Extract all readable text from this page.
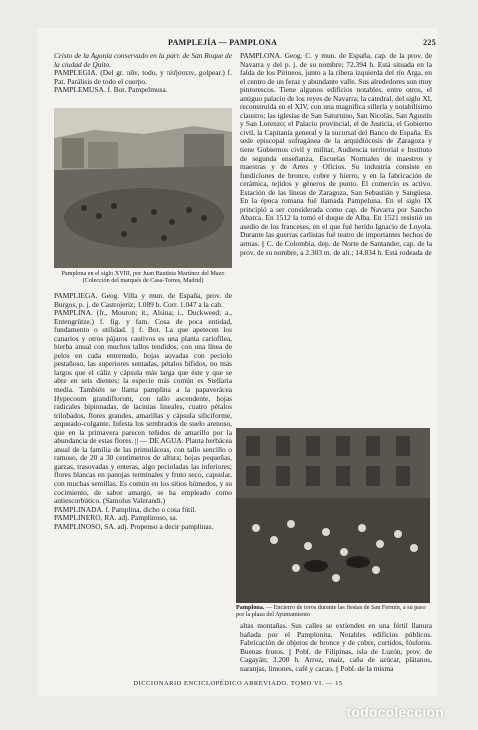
PAMPLEJÍA — PAMPLONA	225

Cristo de la Agonía conservado en la parr. de San Roque de la ciudad de Quito.

PAMPLEGIA. (Del gr. πᾶν, todo, y πλῆσσειν, golpear.) f. Pat. Parálisis de todo el cuerpo.

PAMPLEMUSA. f. Bot. Pampelmusa.

Pamplona en el siglo XVIII, por Juan Bautista Martínez del Mazo
(Colección del marqués de Casa-Torres, Madrid)

PAMPLONA. Geog. C. y mun. de España, cap. de la prov. de Navarra y del p. j. de su nombre; 72.394 h. Está situada en la falda de los Pirineos, junto a la ribera izquierda del río Arga, en el centro de un feraz y abundante valle. Sus alrededores son muy pintorescos. Tiene algunos edificios notables, entre otros, el antiguo palacio de los reyes de Navarra; la catedral, del siglo XI, reconstruida en el XIV, con una magnífica sillería y notabilísimo claustro; las iglesias de San Saturnino, San Nicolás, San Agustín y San Lorenzo; el Palacio provincial, el de Justicia, el Gobierno civil, la Capitanía general y la sucursal del Banco de España. Es sede episcopal sufragánea de la arquidiócesis de Zaragoza y tiene Gobiernos civil y militar, Audiencia territorial e Instituto de segunda enseñanza, Escuelas Normales de maestros y maestras y de Artes y Oficios. Su industria consiste en fundiciones de bronce, cobre y hierro, y en la fabricación de cerámica, tejidos y géneros de punto. El comercio es activo. Estación de las líneas de Zaragoza, San Sebastián y Sangüesa. En la época romana fué llamada Pampeluna. En el siglo IX principió a ser considerada como cap. de Navarra por Sancho Abarca. En 1512 la tomó el duque de Alba. En 1521 resistió un asedio de los franceses, en el que fué herido Ignacio de Loyola. Durante las guerras carlistas fué teatro de importantes hechos de armas. || C. de Colombia, dep. de Norte de Santander, cap. de la prov. de su nombre, a 2.303 m. de alt.; 14.834 h. Está rodeada de

PAMPLIEGA. Geog. Villa y mun. de España, prov. de Burgos, p. j. de Castrojeriz; 1.089 h. Corr. 1.047 a la cab.
PAMPLINA. (fr., Mouron; it., Alsina; i., Duckweed; a., Entengrütze.) f. fig. y fam. Cosa de poca entidad, fundamento o utilidad. || f. Bot. La que apetecen los canarios y otros pájaros cautivos es una planta cariofílea, hierba anual con muchos tallos tendidos, con una línea de pelos en cada entrenudo, hojas aovadas con peciolo pestañoso, las superiores sentadas, pétalos bífidos, no más largos que el cáliz y cápsula más larga que éste y que se abre en seis dientes; la especie más común es Stellaria media. También se llama pamplina a la papaverácea Hypecoum grandiflorum, con tallo ascendente, hojas radicales bipinnadas, de lacinias lineales, cuatro pétalos trilobados, flores grandes, amarillas y cápsula siliciforme, arqueado-colgante. Infesta los sembrados de suelo arenoso, que en la primavera parecen teñidos de amarillo por la abundancia de estas flores. || — DE AGUA. Planta herbácea anual de la familia de las primuláceas, con tallo sencillo o ramoso, de 20 a 30 centímetros de altura; hojas pequeñas, garzas, trasovadas y enteras, algo pecioladas las inferiores; flores blancas en panojas terminales y fruto seco, capsular, con muchas semillas. Es común en los sitios húmedos, y su cocimiento, de sabor amargo, se ha empleado como antiescorbútico. (Samolus Valerandi.)
PAMPLINADA. f. Pamplina, dicho o cosa fútil.
PAMPLINERO, RA. adj. Pamplinoso, sa.
PAMPLINOSO, SA. adj. Propenso a decir pamplinas.

Pamplona. — Encierro de toros durante las fiestas de San Fermín, a su paso por la plaza del Ayuntamiento

altas montañas. Sus calles se extienden en una fértil llanura bañada por el Pamplonita. Notables edificios públicos. Fabricación de objetos de bronce y de cobre, curtidos, fósforos. Buenas frutos. || Pobl. de Filipinas, isla de Luzón, prov. de Cagayán; 3.200 h. Arroz, maíz, caña de azúcar, plátanos, naranjas, limones, café y cacao. || Pobl. de la misma

DICCIONARIO ENCICLOPÉDICO ABREVIADO. TOMO VI. — 15
todocoleccion
